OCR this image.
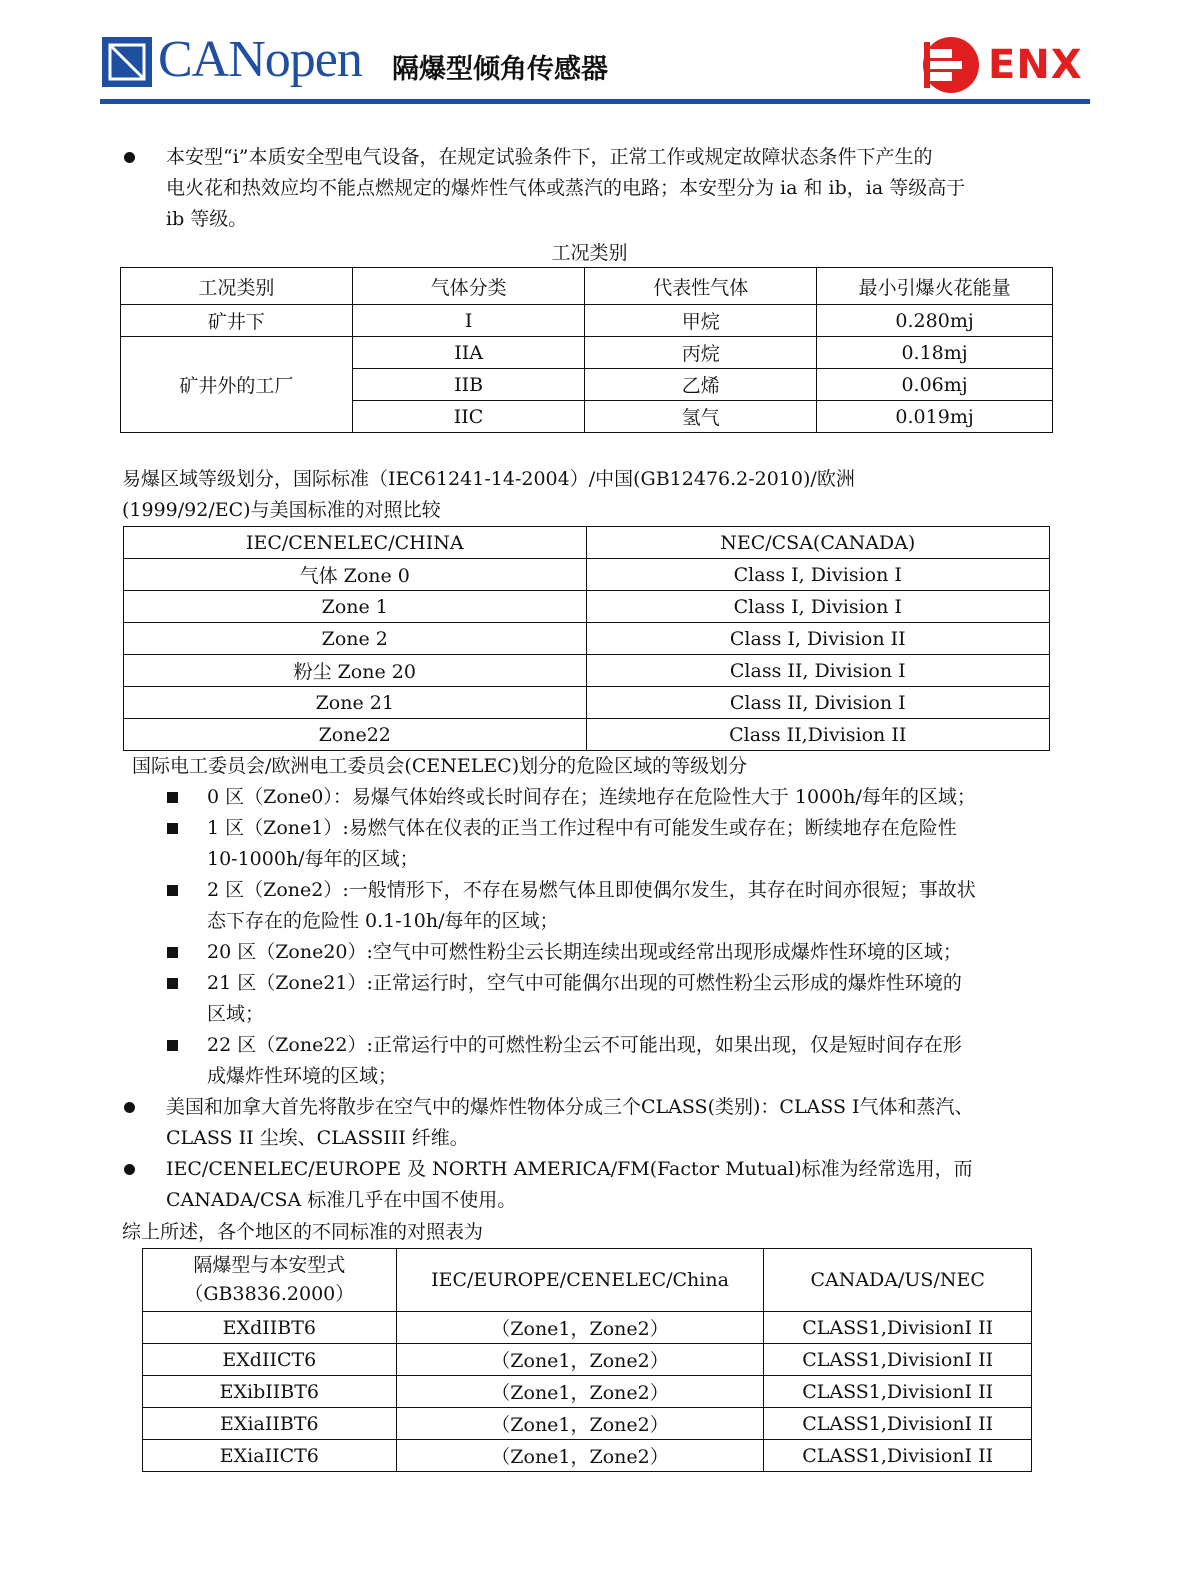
CANopen 隔爆型倾角传感器	ENX
本安型“i”本质安全型电气设备，在规定试验条件下，正常工作或规定故障状态条件下产生的
电火花和热效应均不能点燃规定的爆炸性气体或蒸汽的电路；本安型分为 ia 和 ib，ia 等级高于
ib 等级。
工况类别
工况类别	气体分类	代表性气体	最小引爆火花能量
矿井下	I	甲烷	0.280mj
矿井外的工厂	IIA	丙烷	0.18mj
	IIB	乙烯	0.06mj
	IIC	氢气	0.019mj
易爆区域等级划分，国际标准（IEC61241-14-2004）/中国(GB12476.2-2010)/欧洲
(1999/92/EC)与美国标准的对照比较
IEC/CENELEC/CHINA	NEC/CSA(CANADA)
气体 Zone 0	Class I, Division I
Zone 1	Class I, Division I
Zone 2	Class I, Division II
粉尘 Zone 20	Class II, Division I
Zone 21	Class II, Division I
Zone22	Class II,Division II
国际电工委员会/欧洲电工委员会(CENELEC)划分的危险区域的等级划分
0 区（Zone0）：易爆气体始终或长时间存在；连续地存在危险性大于 1000h/每年的区域；
1 区（Zone1）:易燃气体在仪表的正当工作过程中有可能发生或存在；断续地存在危险性
10-1000h/每年的区域；
2 区（Zone2）:一般情形下，不存在易燃气体且即使偶尔发生，其存在时间亦很短；事故状
态下存在的危险性 0.1-10h/每年的区域；
20 区（Zone20）:空气中可燃性粉尘云长期连续出现或经常出现形成爆炸性环境的区域；
21 区（Zone21）:正常运行时，空气中可能偶尔出现的可燃性粉尘云形成的爆炸性环境的
区域；
22 区（Zone22）:正常运行中的可燃性粉尘云不可能出现，如果出现，仅是短时间存在形
成爆炸性环境的区域；
美国和加拿大首先将散步在空气中的爆炸性物体分成三个CLASS(类别)：CLASS I气体和蒸汽、
CLASS II 尘埃、CLASSIII 纤维。
IEC/CENELEC/EUROPE 及 NORTH AMERICA/FM(Factor Mutual)标准为经常选用，而
CANADA/CSA 标准几乎在中国不使用。
综上所述，各个地区的不同标准的对照表为
隔爆型与本安型式
（GB3836.2000）	IEC/EUROPE/CENELEC/China	CANADA/US/NEC
EXdIIBT6	（Zone1，Zone2）	CLASS1,DivisionI II
EXdIICT6	（Zone1，Zone2）	CLASS1,DivisionI II
EXibIIBT6	（Zone1，Zone2）	CLASS1,DivisionI II
EXiaIIBT6	（Zone1，Zone2）	CLASS1,DivisionI II
EXiaIICT6	（Zone1，Zone2）	CLASS1,DivisionI II
